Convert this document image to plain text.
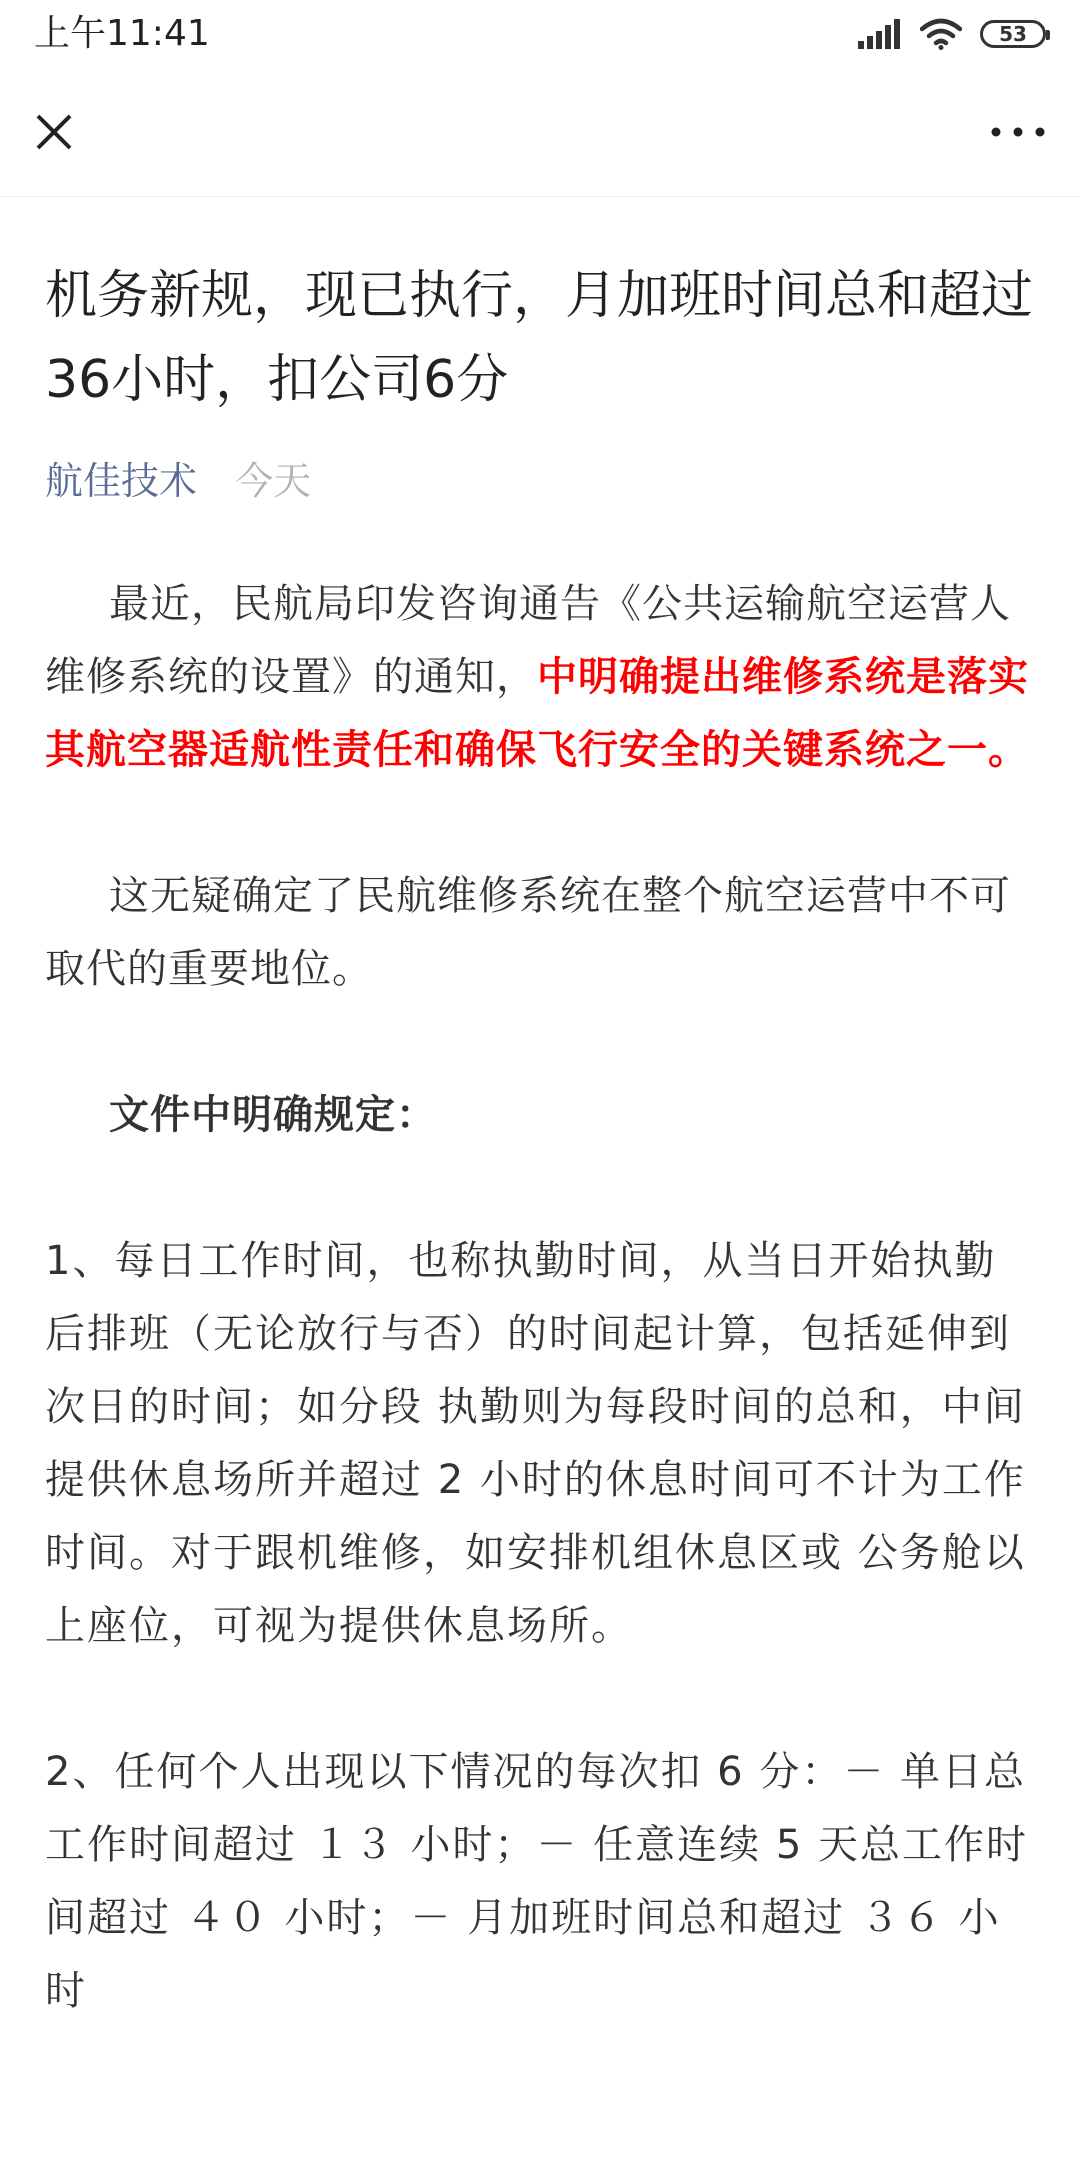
上午11:41	53
机务新规，现已执行，月加班时间总和超过36小时，扣公司6分
航佳技术 今天

最近，民航局印发咨询通告《公共运输航空运营人维修系统的设置》的通知，中明确提出维修系统是落实其航空器适航性责任和确保飞行安全的关键系统之一。

这无疑确定了民航维修系统在整个航空运营中不可取代的重要地位。

文件中明确规定：

1、每日工作时间，也称执勤时间，从当日开始执勤后排班（无论放行与否）的时间起计算，包括延伸到次日的时间；如分段 执勤则为每段时间的总和，中间提供休息场所并超过 2 小时的休息时间可不计为工作时间。对于跟机维修，如安排机组休息区或 公务舱以上座位，可视为提供休息场所。

2、任何个人出现以下情况的每次扣 6 分：－ 单日总工作时间超过 １３ 小时；－ 任意连续 5 天总工作时间超过 ４０ 小时；－ 月加班时间总和超过 ３６ 小时
